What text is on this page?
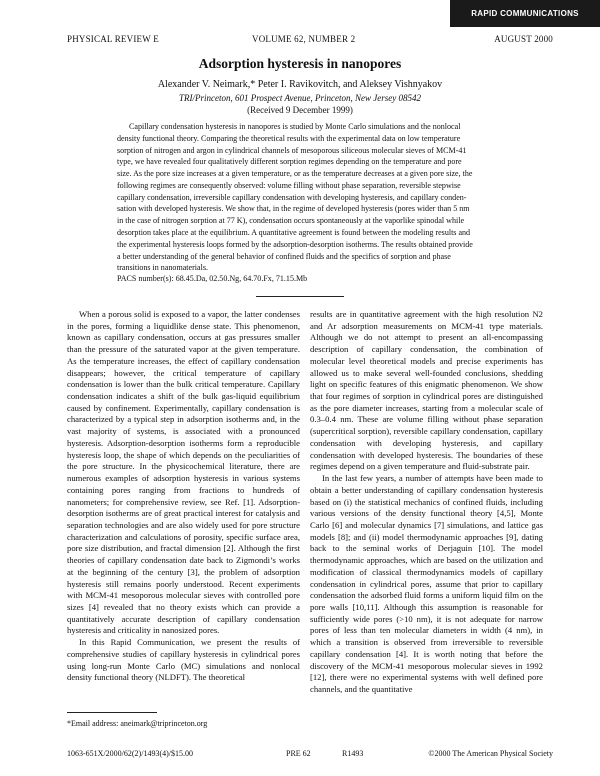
RAPID COMMUNICATIONS
PHYSICAL REVIEW E	VOLUME 62, NUMBER 2	AUGUST 2000
Adsorption hysteresis in nanopores
Alexander V. Neimark,* Peter I. Ravikovitch, and Aleksey Vishnyakov
TRI/Princeton, 601 Prospect Avenue, Princeton, New Jersey 08542
(Received 9 December 1999)
Capillary condensation hysteresis in nanopores is studied by Monte Carlo simulations and the nonlocal
density functional theory. Comparing the theoretical results with the experimental data on low temperature
sorption of nitrogen and argon in cylindrical channels of mesoporous siliceous molecular sieves of MCM-41
type, we have revealed four qualitatively different sorption regimes depending on the temperature and pore
size. As the pore size increases at a given temperature, or as the temperature decreases at a given pore size, the
following regimes are consequently observed: volume filling without phase separation, reversible stepwise
capillary condensation, irreversible capillary condensation with developing hysteresis, and capillary conden-
sation with developed hysteresis. We show that, in the regime of developed hysteresis (pores wider than 5 nm
in the case of nitrogen sorption at 77 K), condensation occurs spontaneously at the vaporlike spinodal while
desorption takes place at the equilibrium. A quantitative agreement is found between the modeling results and
the experimental hysteresis loops formed by the adsorption-desorption isotherms. The results obtained provide
a better understanding of the general behavior of confined fluids and the specifics of sorption and phase
transitions in nanomaterials.
PACS number(s): 68.45.Da, 02.50.Ng, 64.70.Fx, 71.15.Mb

When a porous solid is exposed to a vapor, the latter condenses in the pores, forming a liquidlike dense state. This phenomenon, known as capillary condensation, occurs at gas pressures smaller than the pressure of the saturated vapor at the given temperature. As the temperature increases, the effect of capillary condensation disappears; however, the critical temperature of capillary condensation is lower than the bulk critical temperature. Capillary condensation indicates a shift of the bulk gas-liquid equilibrium caused by confinement. Experimentally, capillary condensation is characterized by a typical step in adsorption isotherms and, in the vast majority of systems, is associated with a pronounced hysteresis. Adsorption-desorption isotherms form a reproducible hysteresis loop, the shape of which depends on the peculiarities of the pore structure. In the physicochemical literature, there are numerous examples of adsorption hysteresis in various systems containing pores ranging from fractions to hundreds of nanometers; for comprehensive review, see Ref. [1]. Adsorption-desorption isotherms are of great practical interest for catalysis and separation technologies and are also widely used for pore structure characterization and calculations of porosity, specific surface area, pore size distribution, and fractal dimension [2]. Although the first theories of capillary condensation date back to Zigmondi’s works at the beginning of the century [3], the problem of adsorption hysteresis still remains poorly understood. Recent experiments with MCM-41 mesoporous molecular sieves with controlled pore sizes [4] revealed that no theory exists which can provide a quantitatively accurate description of capillary condensation hysteresis and criticality in nanosized pores.

In this Rapid Communication, we present the results of comprehensive studies of capillary hysteresis in cylindrical pores using long-run Monte Carlo (MC) simulations and nonlocal density functional theory (NLDFT). The theoretical

results are in quantitative agreement with the high resolution N2 and Ar adsorption measurements on MCM-41 type materials. Although we do not attempt to present an all-encompassing description of capillary condensation, the combination of molecular level theoretical models and precise experiments has allowed us to make several well-founded conclusions, shedding light on specific features of this enigmatic phenomenon. We show that four regimes of sorption in cylindrical pores are distinguished as the pore diameter increases, starting from a molecular scale of 0.3–0.4 nm. These are volume filling without phase separation (supercritical sorption), reversible capillary condensation, capillary condensation with developing hysteresis, and capillary condensation with developed hysteresis. The boundaries of these regimes depend on a given temperature and fluid-substrate pair.

In the last few years, a number of attempts have been made to obtain a better understanding of capillary condensation hysteresis based on (i) the statistical mechanics of confined fluids, including various versions of the density functional theory [4,5], Monte Carlo [6] and molecular dynamics [7] simulations, and lattice gas models [8]; and (ii) model thermodynamic approaches [9], dating back to the seminal works of Derjaguin [10]. The model thermodynamic approaches, which are based on the utilization and modification of classical thermodynamics models of capillary condensation in cylindrical pores, assume that prior to capillary condensation the adsorbed fluid forms a uniform liquid film on the pore walls [10,11]. Although this assumption is reasonable for sufficiently wide pores (>10 nm), it is not adequate for narrow pores of less than ten molecular diameters in width (4 nm), in which a transition is observed from irreversible to reversible capillary condensation [4]. It is worth noting that before the discovery of the MCM-41 mesoporous molecular sieves in 1992 [12], there were no experimental systems with well defined pore channels, and the quantitative

*Email address: aneimark@triprinceton.org
1063-651X/2000/62(2)/1493(4)/$15.00	PRE 62	R1493	©2000 The American Physical Society
